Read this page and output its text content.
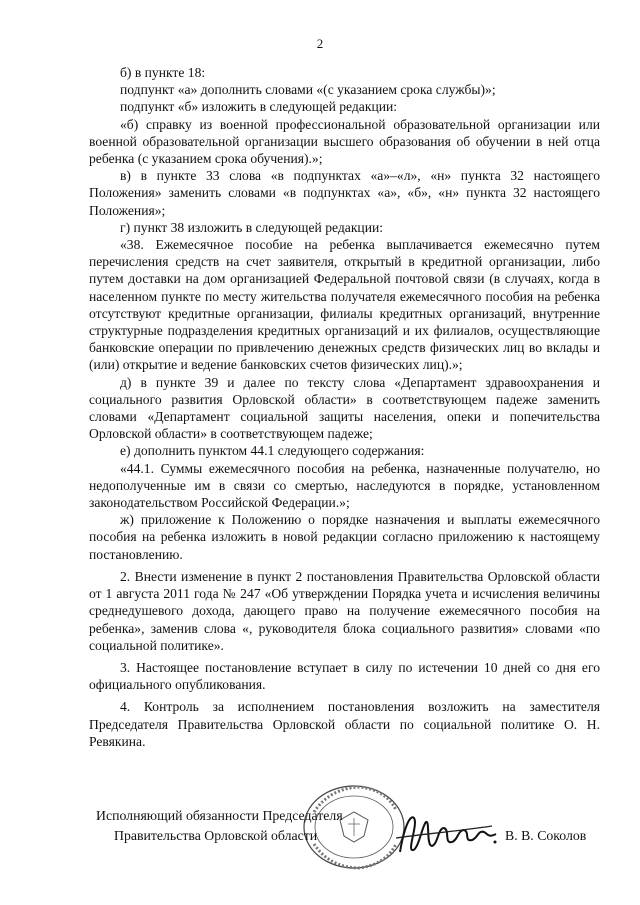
2

б) в пункте 18:

подпункт «а» дополнить словами «(с указанием срока службы)»;

подпункт «б» изложить в следующей редакции:

«б) справку из военной профессиональной образовательной организации или военной образовательной организации высшего образования об обучении в ней отца ребенка (с указанием срока обучения).»;

в) в пункте 33 слова «в подпунктах «а»–«л», «н» пункта 32 настоящего Положения» заменить словами «в подпунктах «а», «б», «н» пункта 32 настоящего Положения»;

г) пункт 38 изложить в следующей редакции:

«38. Ежемесячное пособие на ребенка выплачивается ежемесячно путем перечисления средств на счет заявителя, открытый в кредитной организации, либо путем доставки на дом организацией Федеральной почтовой связи (в случаях, когда в населенном пункте по месту жительства получателя ежемесячного пособия на ребенка отсутствуют кредитные организации, филиалы кредитных организаций, внутренние структурные подразделения кредитных организаций и их филиалов, осуществляющие банковские операции по привлечению денежных средств физических лиц во вклады и (или) открытие и ведение банковских счетов физических лиц).»;

д) в пункте 39 и далее по тексту слова «Департамент здравоохранения и социального развития Орловской области» в соответствующем падеже заменить словами «Департамент социальной защиты населения, опеки и попечительства Орловской области» в соответствующем падеже;

е) дополнить пунктом 44.1 следующего содержания:

«44.1. Суммы ежемесячного пособия на ребенка, назначенные получателю, но недополученные им в связи со смертью, наследуются в порядке, установленном законодательством Российской Федерации.»;

ж) приложение к Положению о порядке назначения и выплаты ежемесячного пособия на ребенка изложить в новой редакции согласно приложению к настоящему постановлению.

2. Внести изменение в пункт 2 постановления Правительства Орловской области от 1 августа 2011 года № 247 «Об утверждении Порядка учета и исчисления величины среднедушевого дохода, дающего право на получение ежемесячного пособия на ребенка», заменив слова «, руководителя блока социального развития» словами «по социальной политике».

3. Настоящее постановление вступает в силу по истечении 10 дней со дня его официального опубликования.

4. Контроль за исполнением постановления возложить на заместителя Председателя Правительства Орловской области по социальной политике О. Н. Ревякина.

Исполняющий обязанности Председателя
Правительства Орловской области	В. В. Соколов
